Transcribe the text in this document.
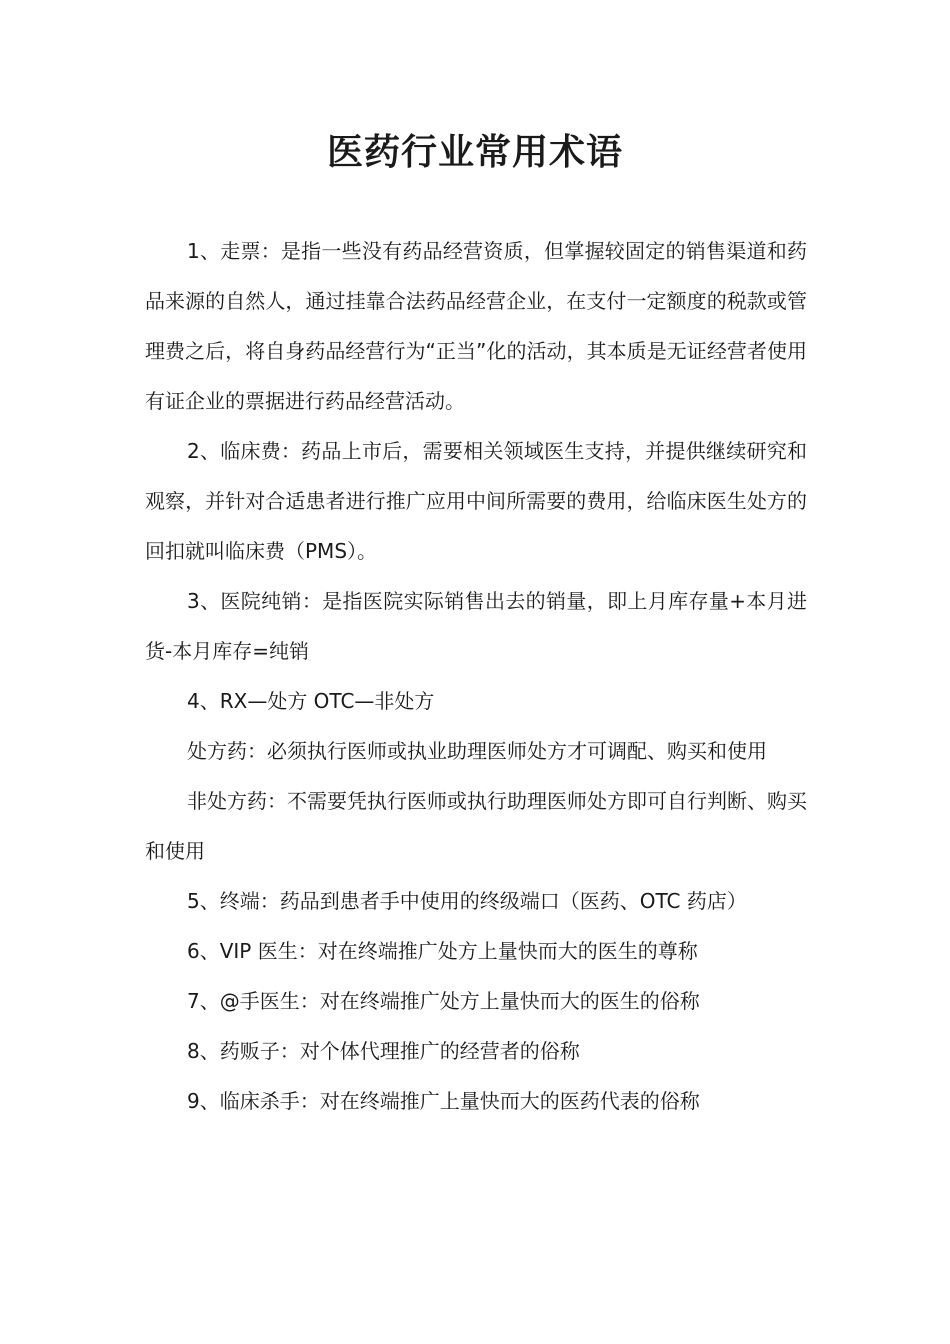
医药行业常用术语

1、走票：是指一些没有药品经营资质，但掌握较固定的销售渠道和药品来源的自然人，通过挂靠合法药品经营企业，在支付一定额度的税款或管理费之后，将自身药品经营行为“正当”化的活动，其本质是无证经营者使用有证企业的票据进行药品经营活动。

2、临床费：药品上市后，需要相关领域医生支持，并提供继续研究和观察，并针对合适患者进行推广应用中间所需要的费用，给临床医生处方的回扣就叫临床费（PMS）。

3、医院纯销：是指医院实际销售出去的销量，即上月库存量+本月进货-本月库存=纯销

4、RX—处方 OTC—非处方

处方药：必须执行医师或执业助理医师处方才可调配、购买和使用

非处方药：不需要凭执行医师或执行助理医师处方即可自行判断、购买和使用

5、终端：药品到患者手中使用的终级端口（医药、OTC 药店）

6、VIP 医生：对在终端推广处方上量快而大的医生的尊称

7、@手医生：对在终端推广处方上量快而大的医生的俗称

8、药贩子：对个体代理推广的经营者的俗称

9、临床杀手：对在终端推广上量快而大的医药代表的俗称
